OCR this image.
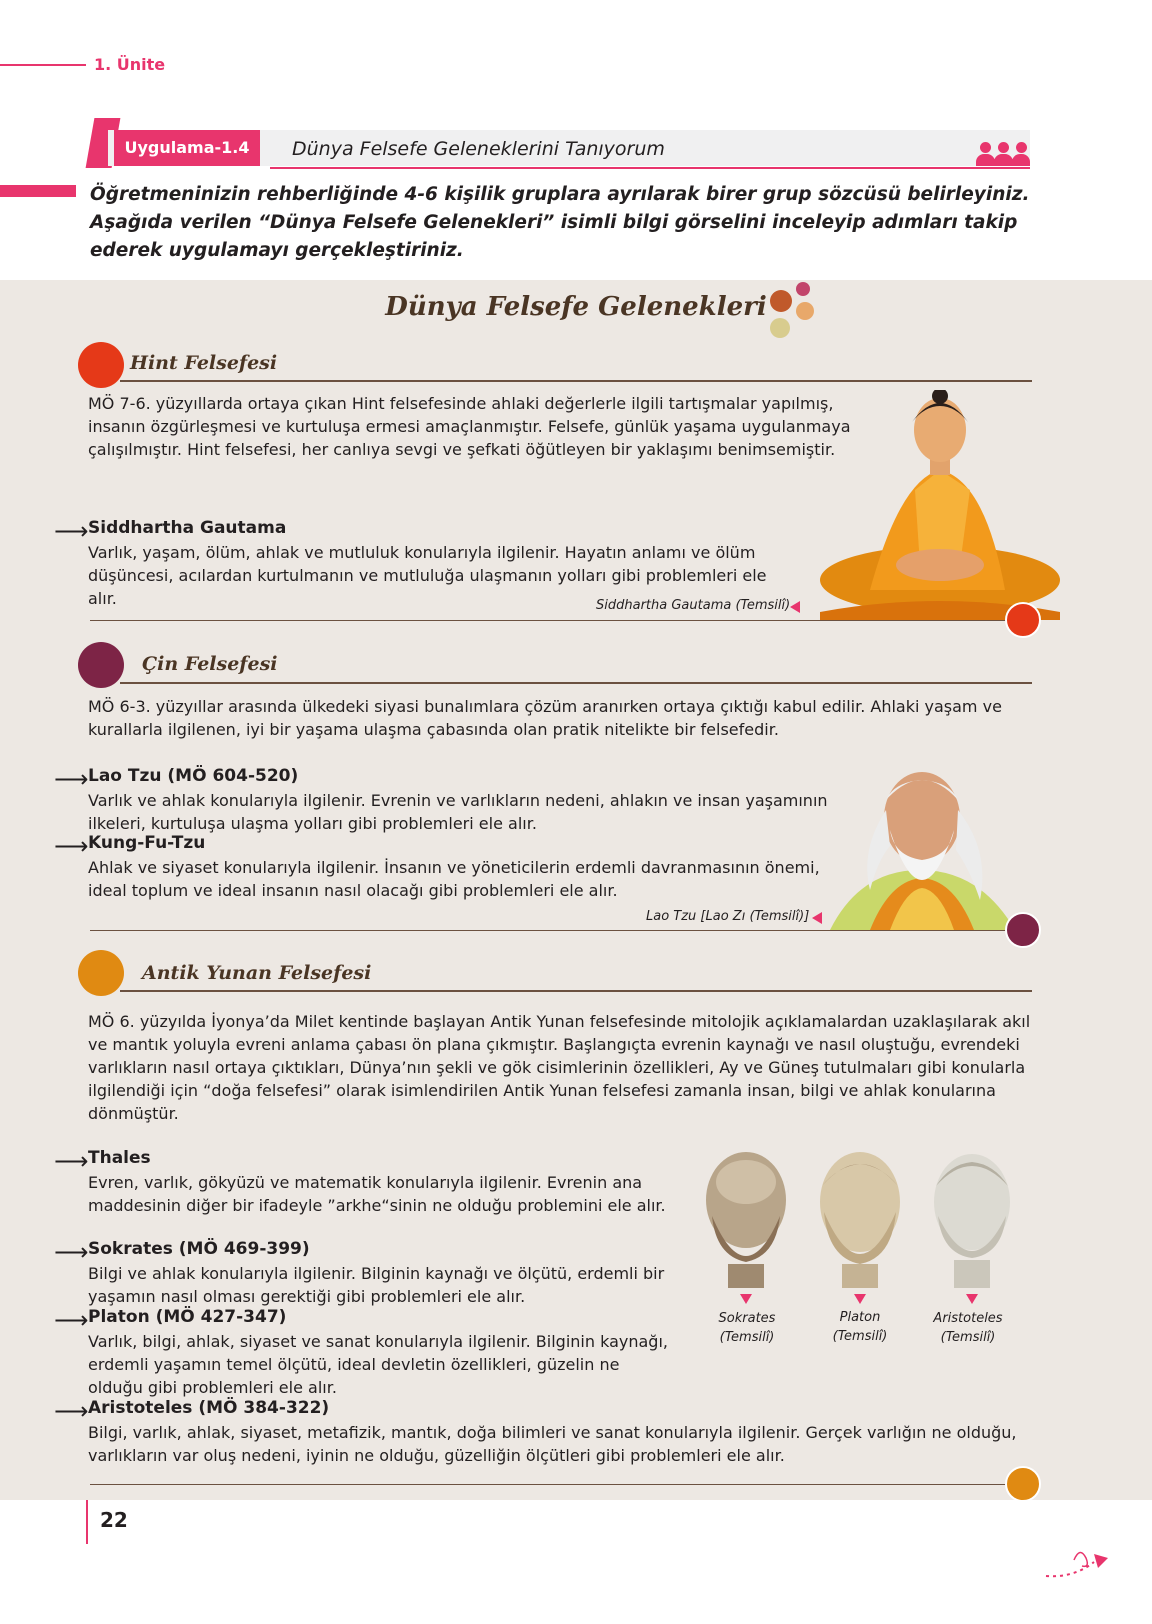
1. Ünite
Uygulama-1.4	Dünya Felsefe Geleneklerini Tanıyorum
Öğretmeninizin rehberliğinde 4-6 kişilik gruplara ayrılarak birer grup sözcüsü belirleyiniz. Aşağıda verilen “Dünya Felsefe Gelenekleri” isimli bilgi görselini inceleyip adımları takip ederek uygulamayı gerçekleştiriniz.
Dünya Felsefe Gelenekleri
Hint Felsefesi
MÖ 7-6. yüzyıllarda ortaya çıkan Hint felsefesinde ahlaki değerlerle ilgili tartışmalar yapılmış, insanın özgürleşmesi ve kurtuluşa ermesi amaçlanmıştır. Felsefe, günlük yaşama uygulanmaya çalışılmıştır. Hint felsefesi, her canlıya sevgi ve şefkati öğütleyen bir yaklaşımı benimsemiştir.
⟶ Siddhartha Gautama
Varlık, yaşam, ölüm, ahlak ve mutluluk konularıyla ilgilenir. Hayatın anlamı ve ölüm düşüncesi, acılardan kurtulmanın ve mutluluğa ulaşmanın yolları gibi problemleri ele alır.	Siddhartha Gautama (Temsilî)
Çin Felsefesi
MÖ 6-3. yüzyıllar arasında ülkedeki siyasi bunalımlara çözüm aranırken ortaya çıktığı kabul edilir. Ahlaki yaşam ve kurallarla ilgilenen, iyi bir yaşama ulaşma çabasında olan pratik nitelikte bir felsefedir.
⟶ Lao Tzu (MÖ 604-520)
Varlık ve ahlak konularıyla ilgilenir. Evrenin ve varlıkların nedeni, ahlakın ve insan yaşamının ilkeleri, kurtuluşa ulaşma yolları gibi problemleri ele alır.
⟶ Kung-Fu-Tzu
Ahlak ve siyaset konularıyla ilgilenir. İnsanın ve yöneticilerin erdemli davranmasının önemi, ideal toplum ve ideal insanın nasıl olacağı gibi problemleri ele alır.
Lao Tzu [Lao Zı (Temsilî)]
Antik Yunan Felsefesi
MÖ 6. yüzyılda İyonya’da Milet kentinde başlayan Antik Yunan felsefesinde mitolojik açıklamalardan uzaklaşılarak akıl ve mantık yoluyla evreni anlama çabası ön plana çıkmıştır. Başlangıçta evrenin kaynağı ve nasıl oluştuğu, evrendeki varlıkların nasıl ortaya çıktıkları, Dünya’nın şekli ve gök cisimlerinin özellikleri, Ay ve Güneş tutulmaları gibi konularla ilgilendiği için “doğa felsefesi” olarak isimlendirilen Antik Yunan felsefesi zamanla insan, bilgi ve ahlak konularına dönmüştür.
⟶ Thales
Evren, varlık, gökyüzü ve matematik konularıyla ilgilenir. Evrenin ana maddesinin diğer bir ifadeyle ”arkhe“sinin ne olduğu problemini ele alır.
⟶ Sokrates (MÖ 469-399)
Bilgi ve ahlak konularıyla ilgilenir. Bilginin kaynağı ve ölçütü, erdemli bir yaşamın nasıl olması gerektiği gibi problemleri ele alır.
⟶ Platon (MÖ 427-347)
Varlık, bilgi, ahlak, siyaset ve sanat konularıyla ilgilenir. Bilginin kaynağı, erdemli yaşamın temel ölçütü, ideal devletin özellikleri, güzelin ne olduğu gibi problemleri ele alır.
⟶ Aristoteles (MÖ 384-322)
Bilgi, varlık, ahlak, siyaset, metafizik, mantık, doğa bilimleri ve sanat konularıyla ilgilenir. Gerçek varlığın ne olduğu, varlıkların var oluş nedeni, iyinin ne olduğu, güzelliğin ölçütleri gibi problemleri ele alır.
Sokrates
(Temsilî)
Platon
(Temsilî)
Aristoteles
(Temsilî)
22
